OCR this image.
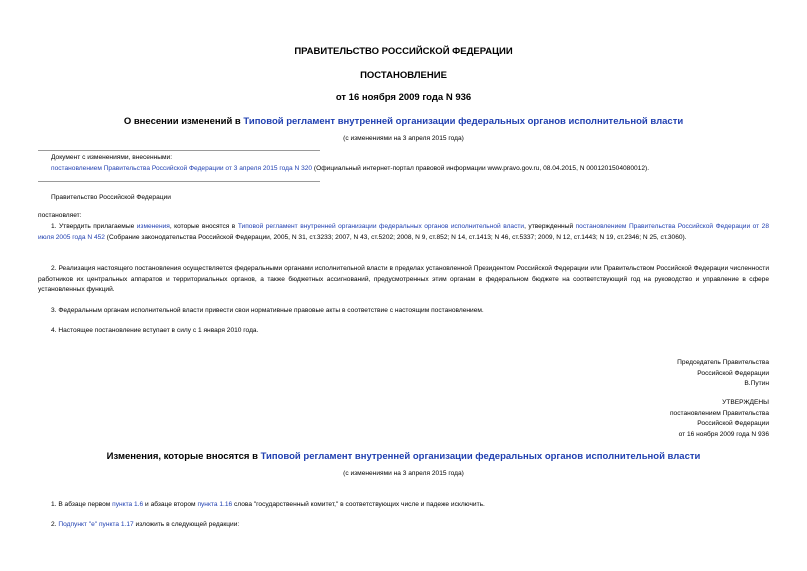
ПРАВИТЕЛЬСТВО РОССИЙСКОЙ ФЕДЕРАЦИИ
ПОСТАНОВЛЕНИЕ
от 16 ноября 2009 года N 936
О внесении изменений в Типовой регламент внутренней организации федеральных органов исполнительной власти
(с изменениями на 3 апреля 2015 года)
Документ с изменениями, внесенными:
постановлением Правительства Российской Федерации от 3 апреля 2015 года N 320 (Официальный интернет-портал правовой информации www.pravo.gov.ru, 08.04.2015, N 0001201504080012).
Правительство Российской Федерации
постановляет:
1. Утвердить прилагаемые изменения, которые вносятся в Типовой регламент внутренней организации федеральных органов исполнительной власти, утвержденный постановлением Правительства Российской Федерации от 28 июля 2005 года N 452 (Собрание законодательства Российской Федерации, 2005, N 31, ст.3233; 2007, N 43, ст.5202; 2008, N 9, ст.852; N 14, ст.1413; N 46, ст.5337; 2009, N 12, ст.1443; N 19, ст.2346; N 25, ст.3060).
2. Реализация настоящего постановления осуществляется федеральными органами исполнительной власти в пределах установленной Президентом Российской Федерации или Правительством Российской Федерации численности работников их центральных аппаратов и территориальных органов, а также бюджетных ассигнований, предусмотренных этим органам в федеральном бюджете на соответствующий год на руководство и управление в сфере установленных функций.
3. Федеральным органам исполнительной власти привести свои нормативные правовые акты в соответствие с настоящим постановлением.
4. Настоящее постановление вступает в силу с 1 января 2010 года.
Председатель Правительства
Российской Федерации
В.Путин
УТВЕРЖДЕНЫ
постановлением Правительства
Российской Федерации
от 16 ноября 2009 года N 936
Изменения, которые вносятся в Типовой регламент внутренней организации федеральных органов исполнительной власти
(с изменениями на 3 апреля 2015 года)
1. В абзаце первом пункта 1.6 и абзаце втором пункта 1.16 слова "государственный комитет," в соответствующих числе и падеже исключить.
2. Подпункт "е" пункта 1.17 изложить в следующей редакции:
